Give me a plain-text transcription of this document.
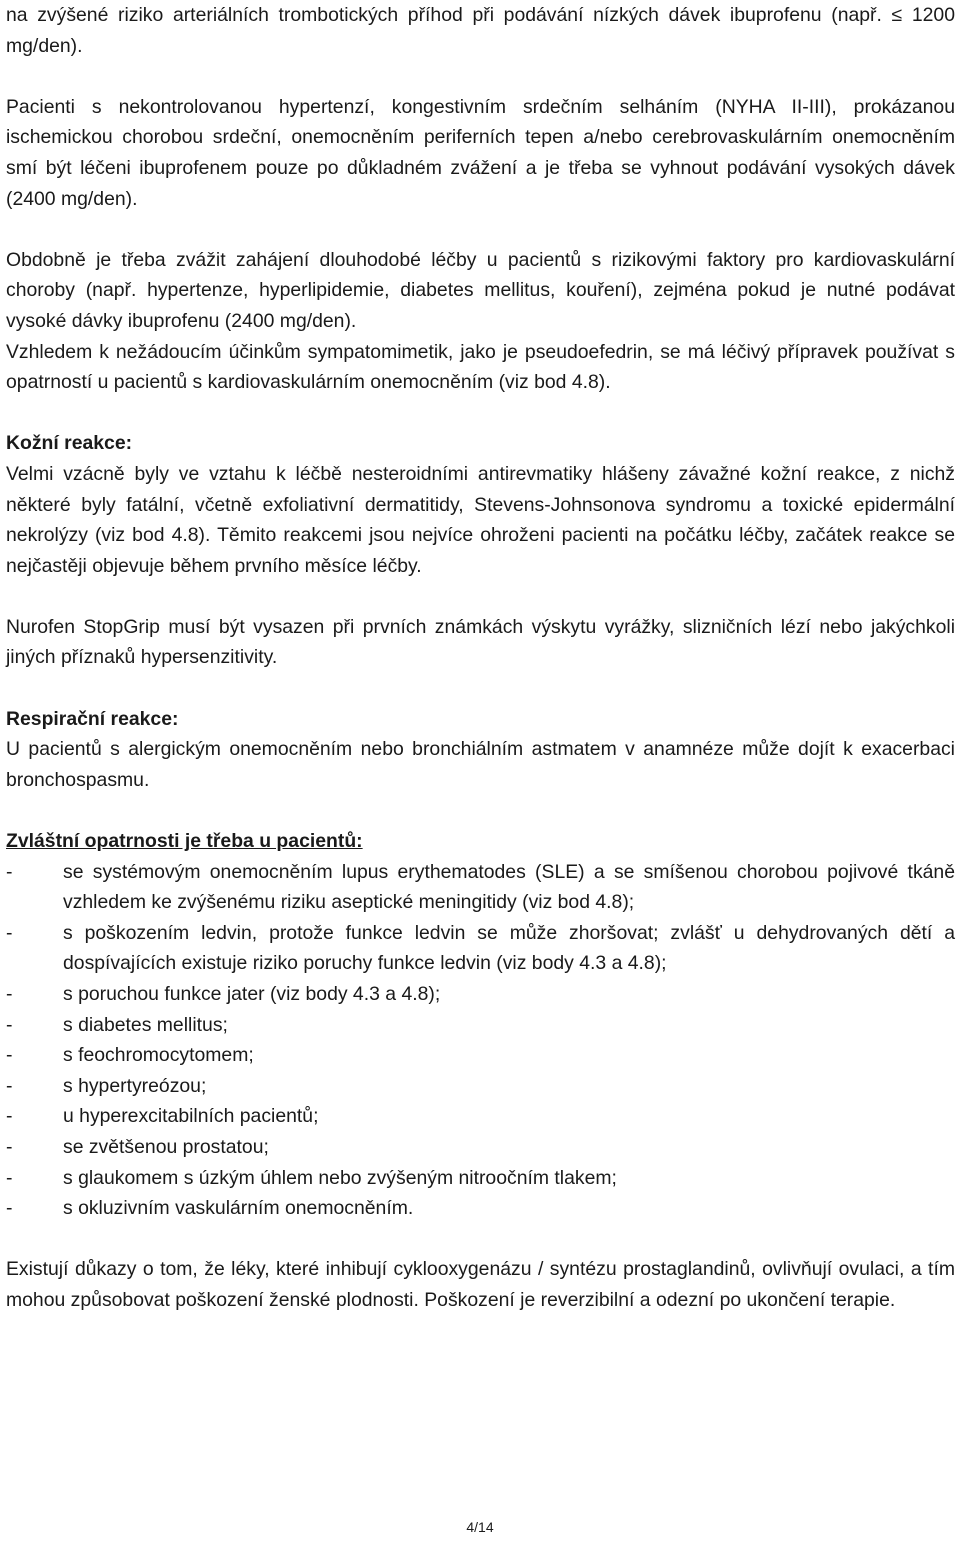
na zvýšené riziko arteriálních trombotických příhod při podávání nízkých dávek ibuprofenu (např. ≤ 1200 mg/den).

Pacienti s nekontrolovanou hypertenzí, kongestivním srdečním selháním (NYHA II-III), prokázanou ischemickou chorobou srdeční, onemocněním periferních tepen a/nebo cerebrovaskulárním onemocněním smí být léčeni ibuprofenem pouze po důkladném zvážení a je třeba se vyhnout podávání vysokých dávek (2400 mg/den).

Obdobně je třeba zvážit zahájení dlouhodobé léčby u pacientů s rizikovými faktory pro kardiovaskulární choroby (např. hypertenze, hyperlipidemie, diabetes mellitus, kouření), zejména pokud je nutné podávat vysoké dávky ibuprofenu (2400 mg/den).

Vzhledem k nežádoucím účinkům sympatomimetik, jako je pseudoefedrin, se má léčivý přípravek používat s opatrností u pacientů s kardiovaskulárním onemocněním (viz bod 4.8).

Kožní reakce:

Velmi vzácně byly ve vztahu k léčbě nesteroidními antirevmatiky hlášeny závažné kožní reakce, z nichž některé byly fatální, včetně exfoliativní dermatitidy, Stevens-Johnsonova syndromu a toxické epidermální nekrolýzy (viz bod 4.8). Těmito reakcemi jsou nejvíce ohroženi pacienti na počátku léčby, začátek reakce se nejčastěji objevuje během prvního měsíce léčby.

Nurofen StopGrip musí být vysazen při prvních známkách výskytu vyrážky, slizničních lézí nebo jakýchkoli jiných příznaků hypersenzitivity.

Respirační reakce:

U pacientů s alergickým onemocněním nebo bronchiálním astmatem v anamnéze může dojít k exacerbaci bronchospasmu.

Zvláštní opatrnosti je třeba u pacientů:

-	se systémovým onemocněním lupus erythematodes (SLE) a se smíšenou chorobou pojivové tkáně vzhledem ke zvýšenému riziku aseptické meningitidy (viz bod 4.8);
-	s poškozením ledvin, protože funkce ledvin se může zhoršovat; zvlášť u dehydrovaných dětí a dospívajících existuje riziko poruchy funkce ledvin (viz body 4.3 a 4.8);
-	s poruchou funkce jater (viz body 4.3 a 4.8);
-	s diabetes mellitus;
-	s feochromocytomem;
-	s hypertyreózou;
-	u hyperexcitabilních pacientů;
-	se zvětšenou prostatou;
-	s glaukomem s úzkým úhlem nebo zvýšeným nitroočním tlakem;
-	s okluzivním vaskulárním onemocněním.

Existují důkazy o tom, že léky, které inhibují cyklooxygenázu / syntézu prostaglandinů, ovlivňují ovulaci, a tím mohou způsobovat poškození ženské plodnosti. Poškození je reverzibilní a odezní po ukončení terapie.

4/14
